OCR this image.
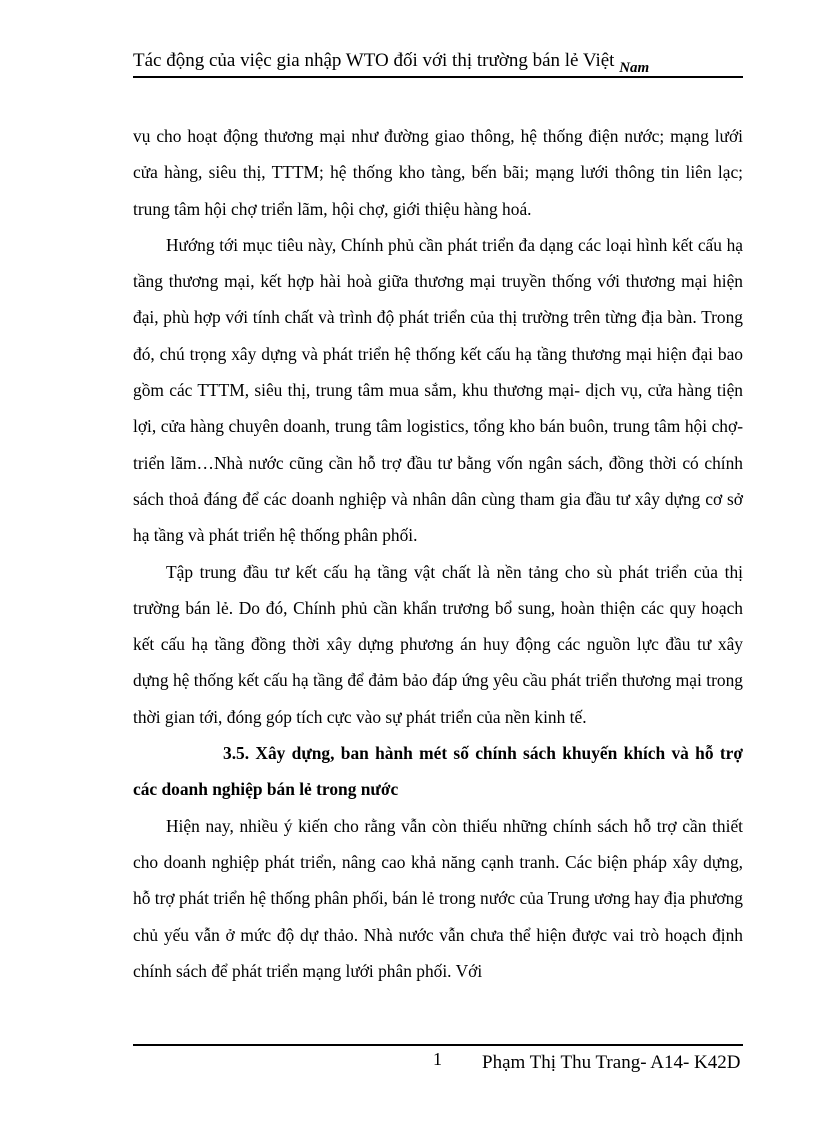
Tác động của việc gia nhập WTO đối với thị trường bán lẻ Việt $_{Nam}$

vụ cho hoạt động thương mại như đường giao thông, hệ thống điện nước; mạng lưới cửa hàng, siêu thị, TTTM; hệ thống kho tàng, bến bãi; mạng lưới thông tin liên lạc; trung tâm hội chợ triển lãm, hội chợ, giới thiệu hàng hoá.

Hướng tới mục tiêu này, Chính phủ cần phát triển đa dạng các loại hình kết cấu hạ tầng thương mại, kết hợp hài hoà giữa thương mại truyền thống với thương mại hiện đại, phù hợp với tính chất và trình độ phát triển của thị trường trên từng địa bàn. Trong đó, chú trọng xây dựng và phát triển hệ thống kết cấu hạ tầng thương mại hiện đại bao gồm các TTTM, siêu thị, trung tâm mua sắm, khu thương mại- dịch vụ, cửa hàng tiện lợi, cửa hàng chuyên doanh, trung tâm logistics, tổng kho bán buôn, trung tâm hội chợ- triển lãm…Nhà nước cũng cần hỗ trợ đầu tư bằng vốn ngân sách, đồng thời có chính sách thoả đáng để các doanh nghiệp và nhân dân cùng tham gia đầu tư xây dựng cơ sở hạ tầng và phát triển hệ thống phân phối.

Tập trung đầu tư kết cấu hạ tầng vật chất là nền tảng cho sù phát triển của thị trường bán lẻ. Do đó, Chính phủ cần khẩn trương bổ sung, hoàn thiện các quy hoạch kết cấu hạ tầng đồng thời xây dựng phương án huy động các nguồn lực đầu tư xây dựng hệ thống kết cấu hạ tầng để đảm bảo đáp ứng yêu cầu phát triển thương mại trong thời gian tới, đóng góp tích cực vào sự phát triển của nền kinh tế.

3.5. Xây dựng, ban hành mét số chính sách khuyến khích và hỗ trợ các doanh nghiệp bán lẻ trong nước

Hiện nay, nhiều ý kiến cho rằng vẫn còn thiếu những chính sách hỗ trợ cần thiết cho doanh nghiệp phát triển, nâng cao khả năng cạnh tranh. Các biện pháp xây dựng, hỗ trợ phát triển hệ thống phân phối, bán lẻ trong nước của Trung ương hay địa phương chủ yếu vẫn ở mức độ dự thảo. Nhà nước vẫn chưa thể hiện được vai trò hoạch định chính sách để phát triển mạng lưới phân phối. Với

1 Phạm Thị Thu Trang- A14- K42D
